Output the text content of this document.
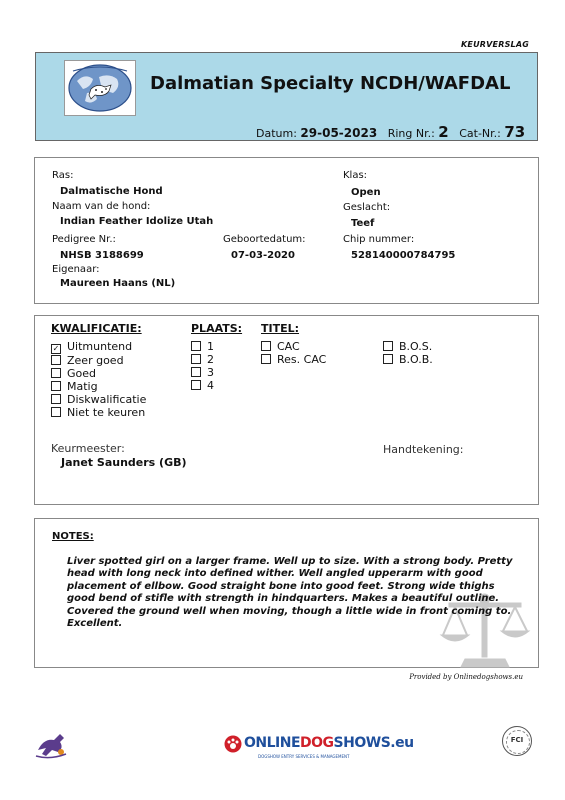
KEURVERSLAG
Dalmatian Specialty NCDH/WAFDAL
Datum: 29-05-2023 Ring Nr.: 2 Cat-Nr.: 73
Ras:
Dalmatische Hond
Naam van de hond:
Indian Feather Idolize Utah
Pedigree Nr.:
NHSB 3188699
Eigenaar:
Maureen Haans (NL)
Geboortedatum:
07-03-2020
Klas:
Open
Geslacht:
Teef
Chip nummer:
528140000784795
KWALIFICATIE:
✓ Uitmuntend
Zeer goed
Goed
Matig
Diskwalificatie
Niet te keuren
PLAATS:
1
2
3
4
TITEL:
CAC
Res. CAC
B.O.S.
B.O.B.
Keurmeester:
Janet Saunders (GB)
Handtekening:
NOTES:
Liver spotted girl on a larger frame. Well up to size. With a strong body. Pretty head with long neck into defined wither. Well angled upperarm with good placement of ellbow. Good straight bone into good feet. Strong wide thighs good bend of stifle with strength in hindquarters. Makes a beautiful outline. Covered the ground well when moving, though a little wide in front coming to. Excellent.
Provided by Onlinedogshows.eu
ONLINEDOGSHOWS.eu
DOGSHOW ENTRY SERVICES & MANAGEMENT
FCI
